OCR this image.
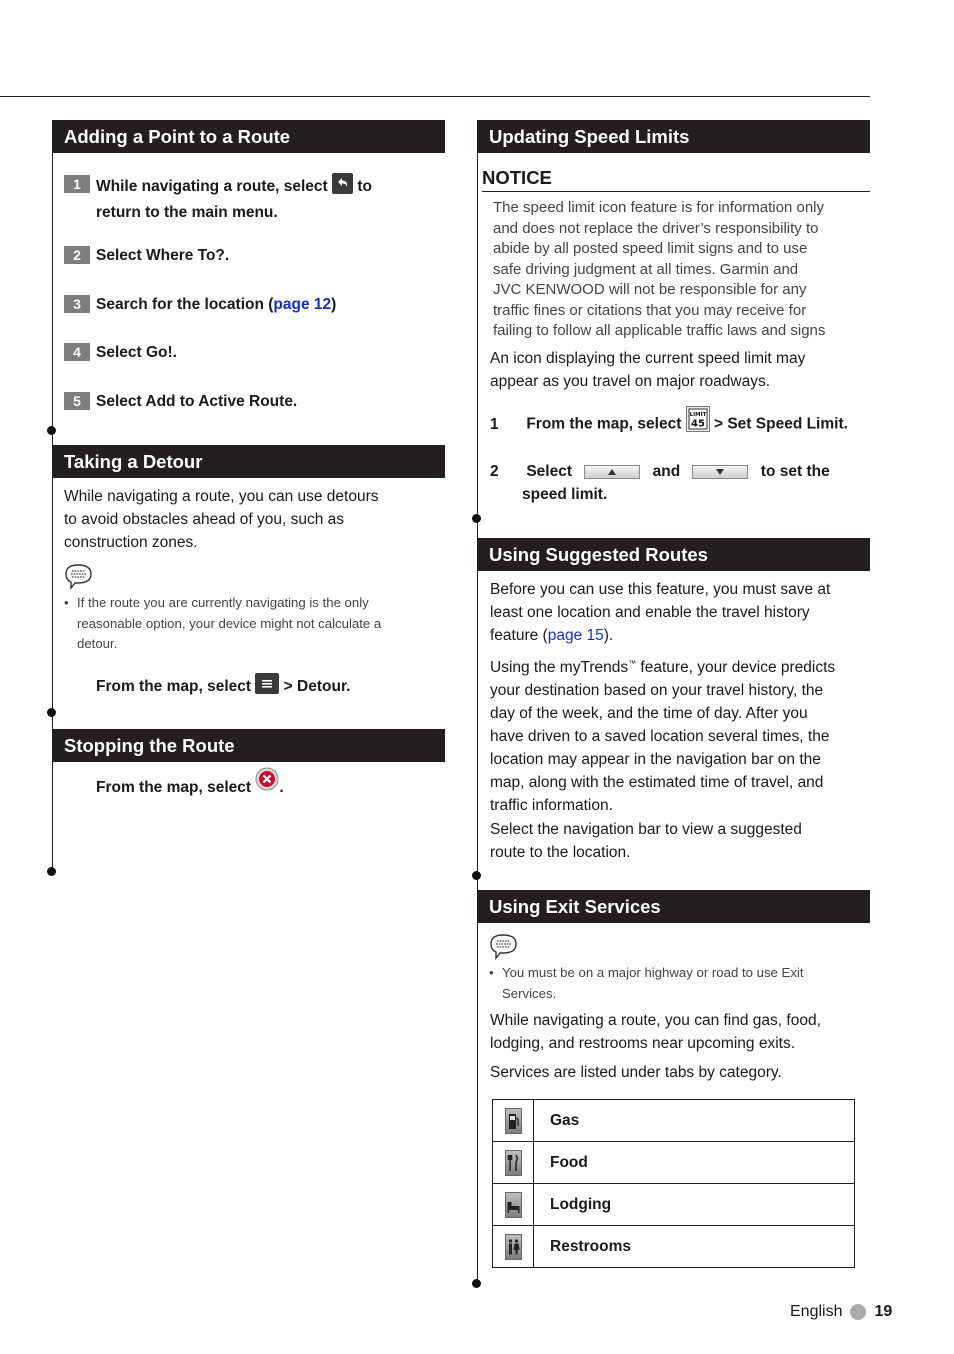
Adding a Point to a Route
1 While navigating a route, select to
return to the main menu.
2 Select Where To?.
3 Search for the location (page 12)
4 Select Go!.
5 Select Add to Active Route.
Taking a Detour
While navigating a route, you can use detours
to avoid obstacles ahead of you, such as
construction zones.
• If the route you are currently navigating is the only
reasonable option, your device might not calculate a
detour.
From the map, select > Detour.
Stopping the Route
From the map, select .
Updating Speed Limits
NOTICE
The speed limit icon feature is for information only
and does not replace the driver’s responsibility to
abide by all posted speed limit signs and to use
safe driving judgment at all times. Garmin and
JVC KENWOOD will not be responsible for any
traffic fines or citations that you may receive for
failing to follow all applicable traffic laws and signs
An icon displaying the current speed limit may
appear as you travel on major roadways.
1 From the map, select
LIMIT
45 > Set Speed Limit.
2 Select	and	to set the
speed limit.
Using Suggested Routes
Before you can use this feature, you must save at
least one location and enable the travel history
feature (page 15).
Using the myTrends™ feature, your device predicts
your destination based on your travel history, the
day of the week, and the time of day. After you
have driven to a saved location several times, the
location may appear in the navigation bar on the
map, along with the estimated time of travel, and
traffic information.
Select the navigation bar to view a suggested
route to the location.
Using Exit Services
• You must be on a major highway or road to use Exit
Services.
While navigating a route, you can find gas, food,
lodging, and restrooms near upcoming exits.
Services are listed under tabs by category.
	Gas
	Food
	Lodging
	Restrooms
English 19
